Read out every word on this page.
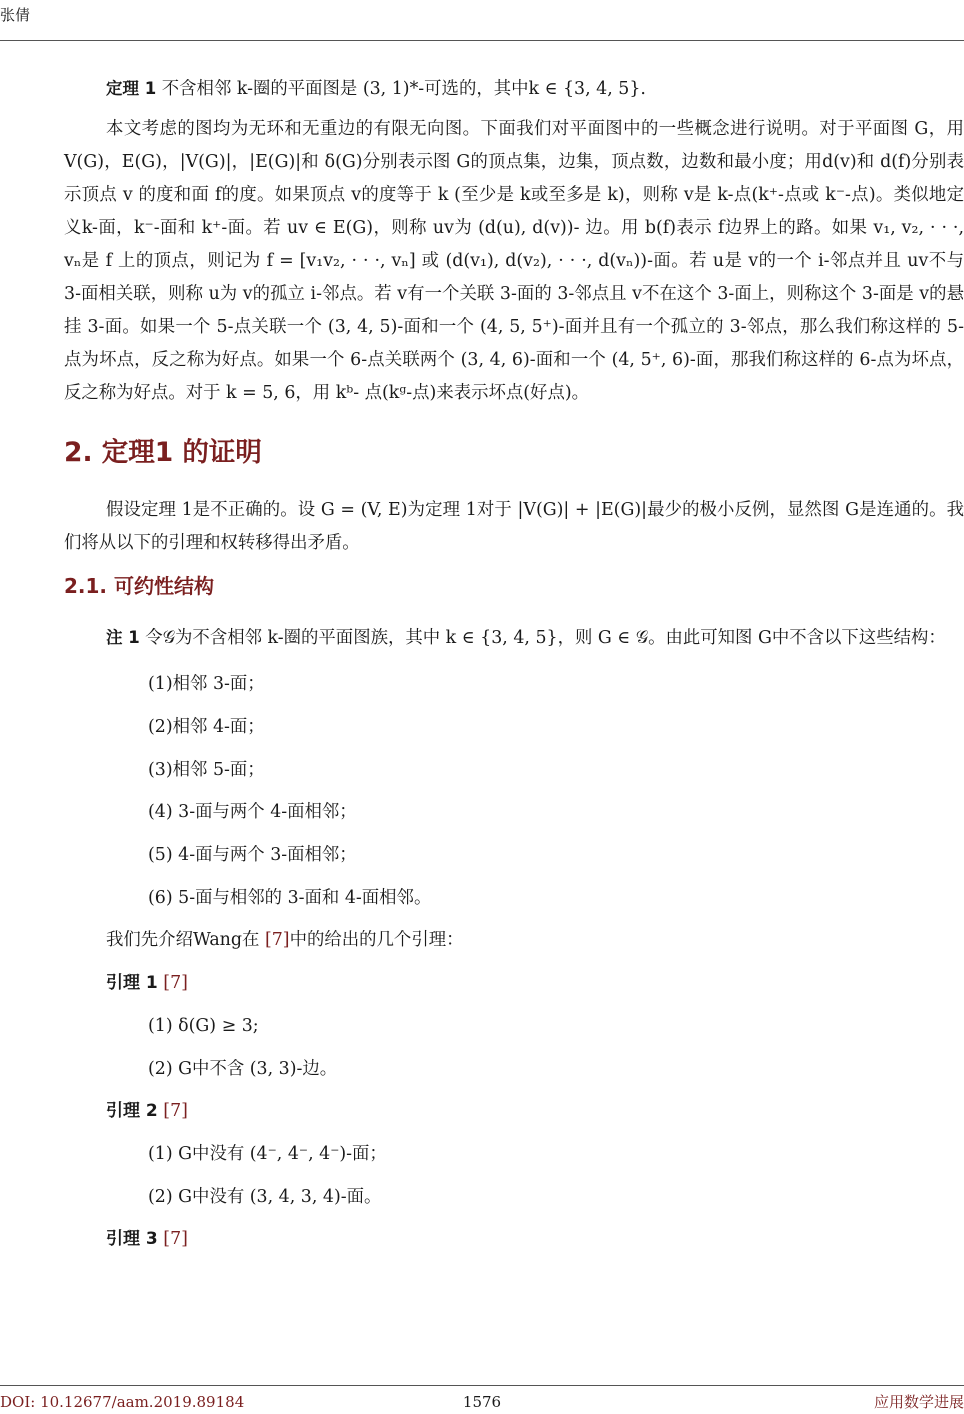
张倩

定理 1 不含相邻 k-圈的平面图是 (3, 1)*-可选的，其中k ∈ {3, 4, 5}.

本文考虑的图均为无环和无重边的有限无向图。下面我们对平面图中的一些概念进行说明。对于平面图 G，用 V(G)，E(G)，|V(G)|，|E(G)|和 δ(G)分别表示图 G的顶点集，边集，顶点数，边数和最小度；用d(v)和 d(f)分别表示顶点 v 的度和面 f的度。如果顶点 v的度等于 k (至少是 k或至多是 k)，则称 v是 k-点(k⁺-点或 k⁻-点)。类似地定义k-面，k⁻-面和 k⁺-面。若 uv ∈ E(G)，则称 uv为 (d(u), d(v))- 边。用 b(f)表示 f边界上的路。如果 v₁, v₂, · · ·, vₙ是 f 上的顶点，则记为 f = [v₁v₂, · · ·, vₙ] 或 (d(v₁), d(v₂), · · ·, d(vₙ))-面。若 u是 v的一个 i-邻点并且 uv不与 3-面相关联，则称 u为 v的孤立 i-邻点。若 v有一个关联 3-面的 3-邻点且 v不在这个 3-面上，则称这个 3-面是 v的悬挂 3-面。如果一个 5-点关联一个 (3, 4, 5)-面和一个 (4, 5, 5⁺)-面并且有一个孤立的 3-邻点，那么我们称这样的 5-点为坏点，反之称为好点。如果一个 6-点关联两个 (3, 4, 6)-面和一个 (4, 5⁺, 6)-面，那我们称这样的 6-点为坏点，反之称为好点。对于 k = 5, 6，用 kᵇ- 点(kᵍ-点)来表示坏点(好点)。

2. 定理1 的证明

假设定理 1是不正确的。设 G = (V, E)为定理 1对于 |V(G)| + |E(G)|最少的极小反例，显然图 G是连通的。我们将从以下的引理和权转移得出矛盾。

2.1. 可约性结构

注 1 令𝒢为不含相邻 k-圈的平面图族，其中 k ∈ {3, 4, 5}，则 G ∈ 𝒢。由此可知图 G中不含以下这些结构：

(1)相邻 3-面；
(2)相邻 4-面；
(3)相邻 5-面；
(4) 3-面与两个 4-面相邻；
(5) 4-面与两个 3-面相邻；
(6) 5-面与相邻的 3-面和 4-面相邻。
我们先介绍Wang在 [7]中的给出的几个引理：
引理 1 [7]
(1) δ(G) ≥ 3;
(2) G中不含 (3, 3)-边。
引理 2 [7]
(1) G中没有 (4⁻, 4⁻, 4⁻)-面；
(2) G中没有 (3, 4, 3, 4)-面。
引理 3 [7]
DOI: 10.12677/aam.2019.89184	1576	应用数学进展
